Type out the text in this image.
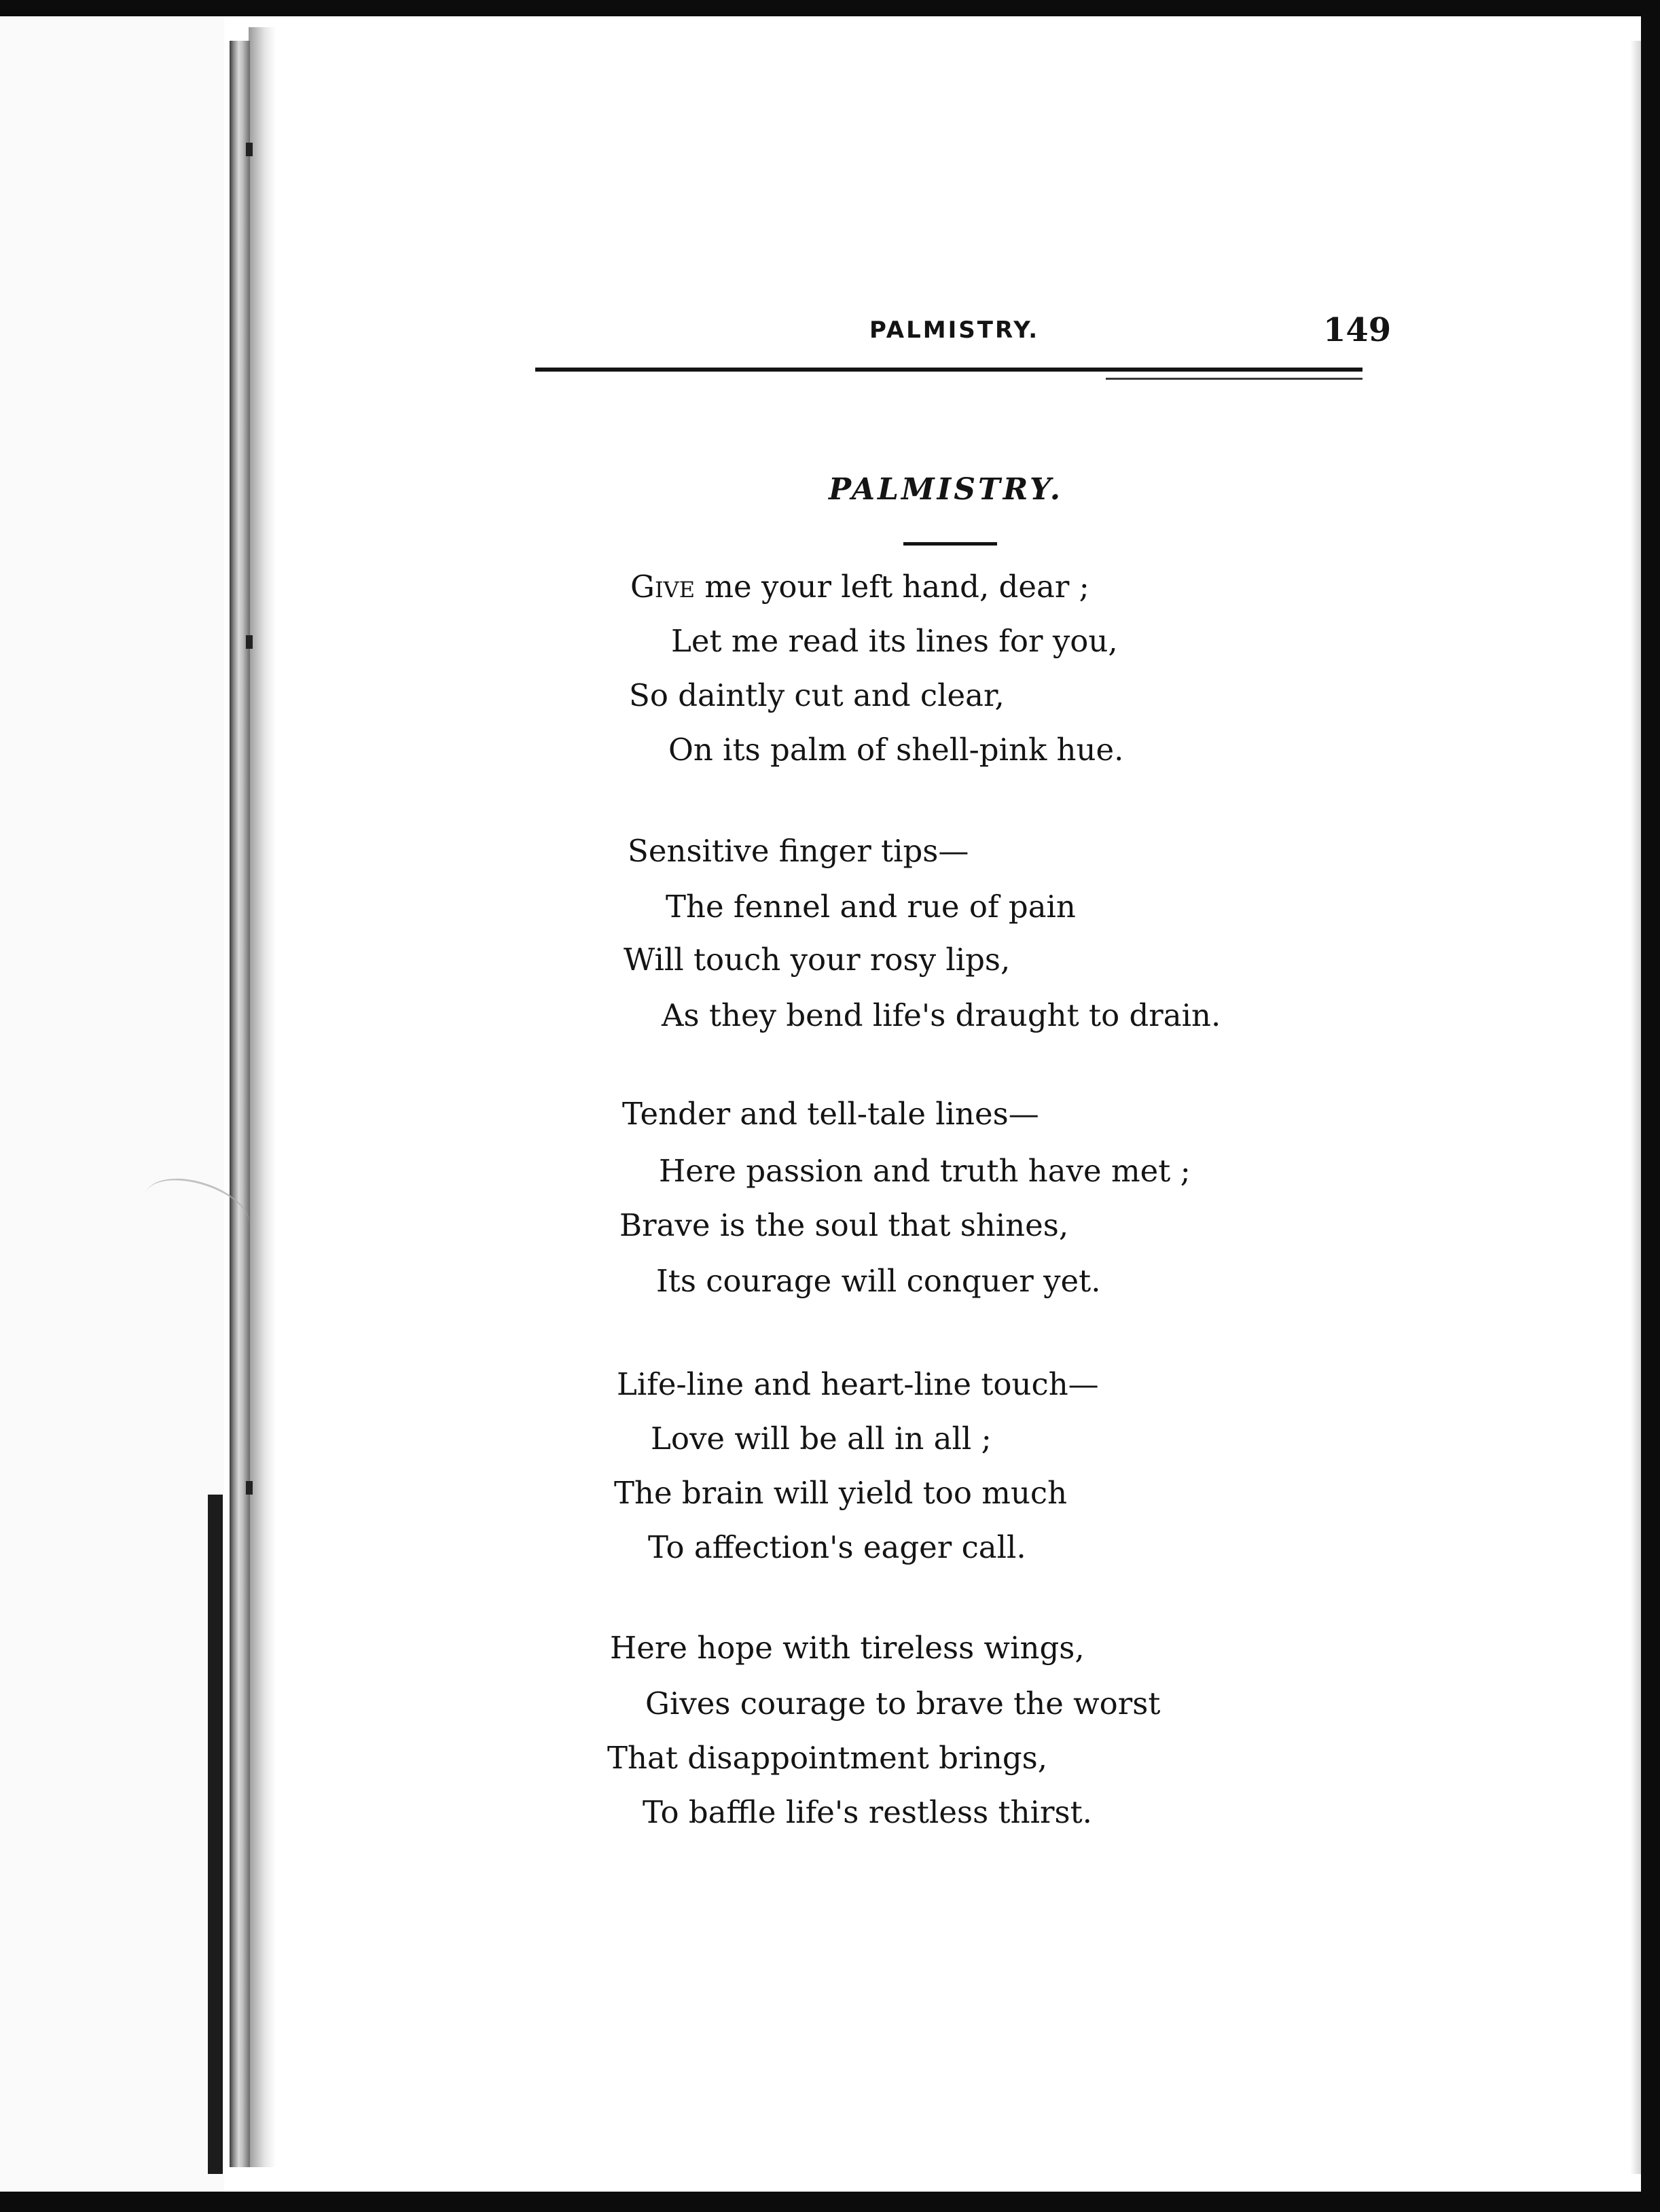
PALMISTRY.	149
PALMISTRY.
Give me your left hand, dear ;
Let me read its lines for you,
So daintly cut and clear,
On its palm of shell-pink hue.
Sensitive finger tips—
The fennel and rue of pain
Will touch your rosy lips,
As they bend life's draught to drain.
Tender and tell-tale lines—
Here passion and truth have met ;
Brave is the soul that shines,
Its courage will conquer yet.
Life-line and heart-line touch—
Love will be all in all ;
The brain will yield too much
To affection's eager call.
Here hope with tireless wings,
Gives courage to brave the worst
That disappointment brings,
To baffle life's restless thirst.
